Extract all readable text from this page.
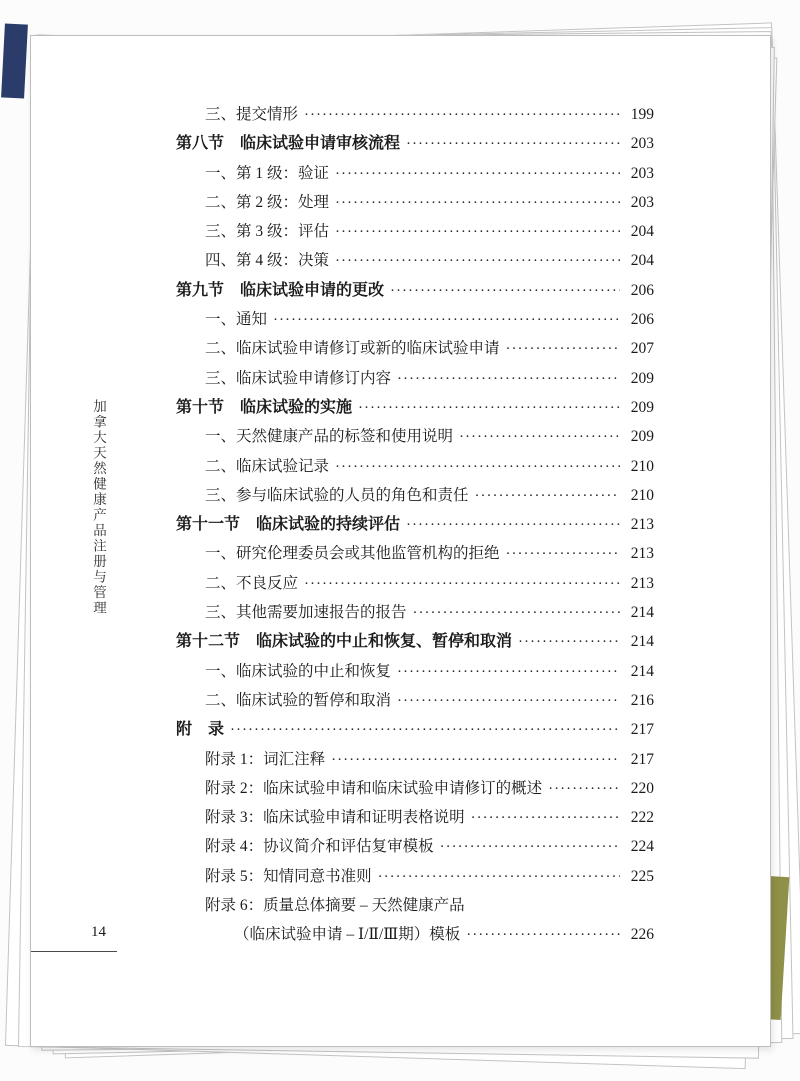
加拿大天然健康产品注册与管理
三、提交情形 ·····	199
第八节　临床试验申请审核流程 ·····	203
一、第 1 级：验证 ·····	203
二、第 2 级：处理 ·····	203
三、第 3 级：评估 ·····	204
四、第 4 级：决策 ·····	204
第九节　临床试验申请的更改 ·····	206
一、通知 ·····	206
二、临床试验申请修订或新的临床试验申请 ·····	207
三、临床试验申请修订内容 ·····	209
第十节　临床试验的实施 ·····	209
一、天然健康产品的标签和使用说明 ·····	209
二、临床试验记录 ·····	210
三、参与临床试验的人员的角色和责任 ·····	210
第十一节　临床试验的持续评估 ·····	213
一、研究伦理委员会或其他监管机构的拒绝 ·····	213
二、不良反应 ·····	213
三、其他需要加速报告的报告 ·····	214
第十二节　临床试验的中止和恢复、暂停和取消 ·····	214
一、临床试验的中止和恢复 ·····	214
二、临床试验的暂停和取消 ·····	216
附　录 ·····	217
附录 1：词汇注释 ·····	217
附录 2：临床试验申请和临床试验申请修订的概述 ·····	220
附录 3：临床试验申请和证明表格说明 ·····	222
附录 4：协议简介和评估复审模板 ·····	224
附录 5：知情同意书准则 ·····	225
附录 6：质量总体摘要 – 天然健康产品
（临床试验申请 – Ⅰ/Ⅱ/Ⅲ期）模板 ·····	226
14
